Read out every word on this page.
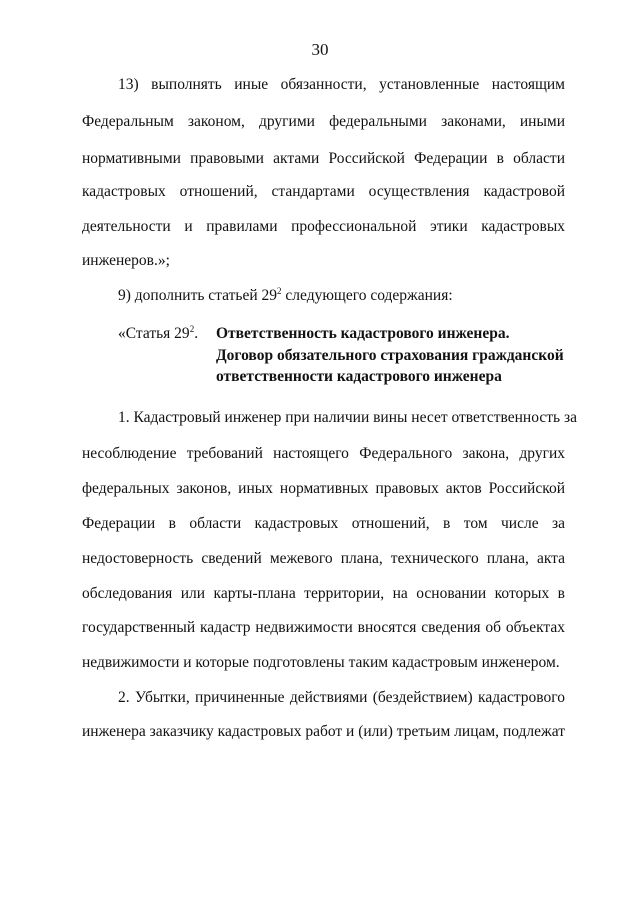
30
13) выполнять иные обязанности, установленные настоящим
Федеральным законом, другими федеральными законами, иными
нормативными правовыми актами Российской Федерации в области
кадастровых отношений, стандартами осуществления кадастровой
деятельности и правилами профессиональной этики кадастровых
инженеров.»;
9) дополнить статьей $29^2$ следующего содержания:
«Статья $29^2$. Ответственность кадастрового инженера.
Договор обязательного страхования гражданской
ответственности кадастрового инженера
1. Кадастровый инженер при наличии вины несет ответственность за
несоблюдение требований настоящего Федерального закона, других
федеральных законов, иных нормативных правовых актов Российской
Федерации в области кадастровых отношений, в том числе за
недостоверность сведений межевого плана, технического плана, акта
обследования или карты-плана территории, на основании которых в
государственный кадастр недвижимости вносятся сведения об объектах
недвижимости и которые подготовлены таким кадастровым инженером.
2. Убытки, причиненные действиями (бездействием) кадастрового
инженера заказчику кадастровых работ и (или) третьим лицам, подлежат
